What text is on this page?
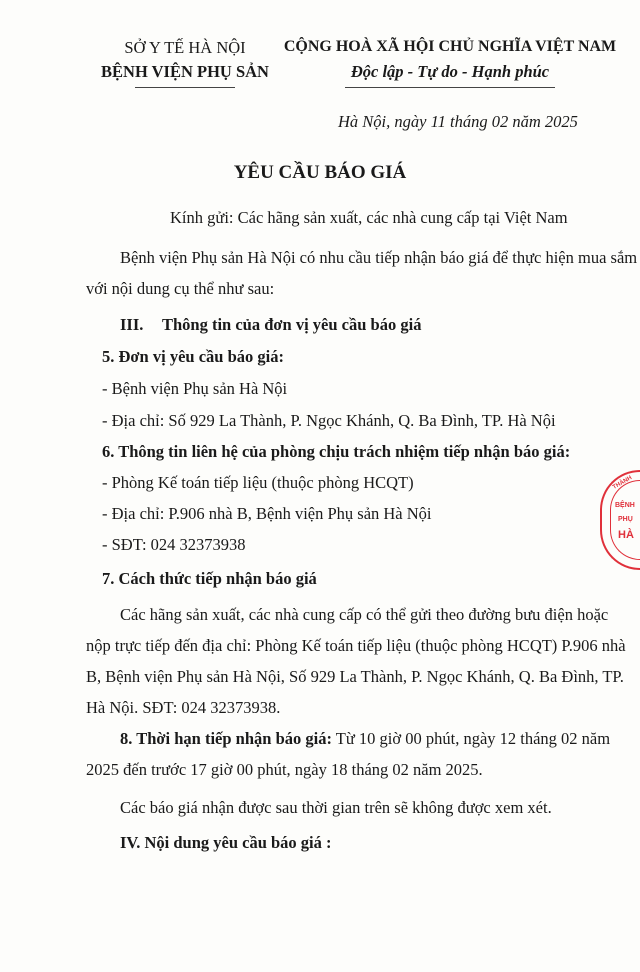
SỞ Y TẾ HÀ NỘI
BỆNH VIỆN PHỤ SẢN
CỘNG HOÀ XÃ HỘI CHỦ NGHĨA VIỆT NAM
Độc lập - Tự do - Hạnh phúc
Hà Nội, ngày 11 tháng 02 năm 2025
YÊU CẦU BÁO GIÁ
Kính gửi: Các hãng sản xuất, các nhà cung cấp tại Việt Nam
Bệnh viện Phụ sản Hà Nội có nhu cầu tiếp nhận báo giá để thực hiện mua sắm
với nội dung cụ thể như sau:
III. Thông tin của đơn vị yêu cầu báo giá
5. Đơn vị yêu cầu báo giá:
- Bệnh viện Phụ sản Hà Nội
- Địa chỉ: Số 929 La Thành, P. Ngọc Khánh, Q. Ba Đình, TP. Hà Nội
6. Thông tin liên hệ của phòng chịu trách nhiệm tiếp nhận báo giá:
- Phòng Kế toán tiếp liệu (thuộc phòng HCQT)
- Địa chỉ: P.906 nhà B, Bệnh viện Phụ sản Hà Nội
- SĐT: 024 32373938
7. Cách thức tiếp nhận báo giá
Các hãng sản xuất, các nhà cung cấp có thể gửi theo đường bưu điện hoặc
nộp trực tiếp đến địa chỉ: Phòng Kế toán tiếp liệu (thuộc phòng HCQT) P.906 nhà
B, Bệnh viện Phụ sản Hà Nội, Số 929 La Thành, P. Ngọc Khánh, Q. Ba Đình, TP.
Hà Nội. SĐT: 024 32373938.
8. Thời hạn tiếp nhận báo giá: Từ 10 giờ 00 phút, ngày 12 tháng 02 năm
2025 đến trước 17 giờ 00 phút, ngày 18 tháng 02 năm 2025.
Các báo giá nhận được sau thời gian trên sẽ không được xem xét.
IV. Nội dung yêu cầu báo giá :
THÀNH
BỆNH
PHỤ
HÀ
